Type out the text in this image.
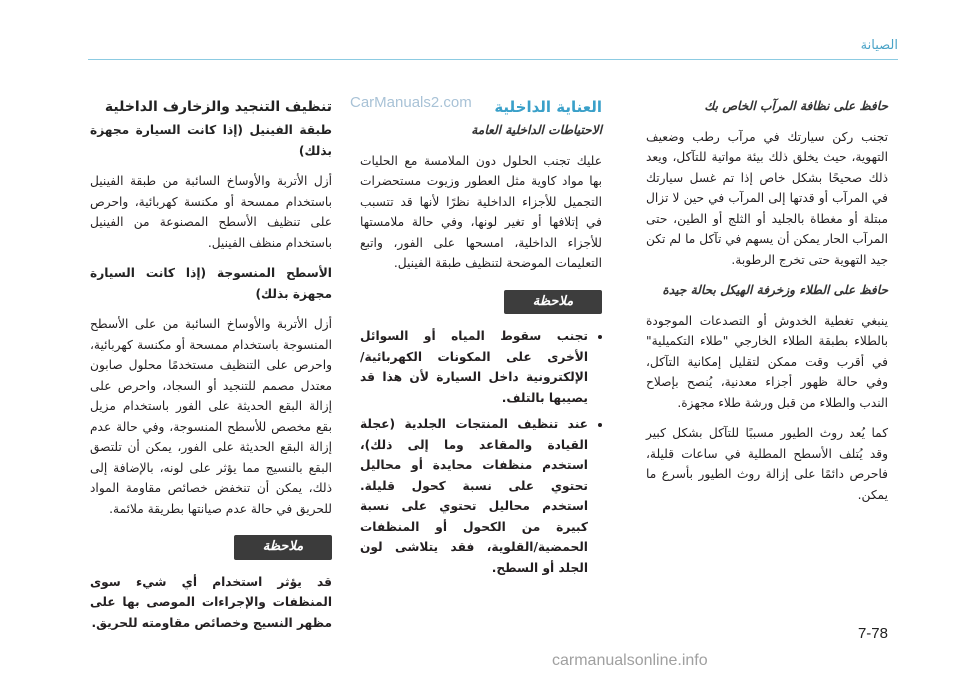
الصيانة
CarManuals2.com	حافظ على نظافة المرآب الخاص بك

تجنب ركن سيارتك في مرآب رطب وضعيف التهوية، حيث يخلق ذلك بيئة مواتية للتآكل، ويعد ذلك صحيحًا بشكل خاص إذا تم غسل سيارتك في المرآب أو قدتها إلى المرآب في حين لا تزال مبتلة أو مغطاة بالجليد أو الثلج أو الطين، حتى المرآب الحار يمكن أن يسهم في تآكل ما لم تكن جيد التهوية حتى تخرج الرطوبة.

حافظ على الطلاء وزخرفة الهيكل بحالة جيدة

ينبغي تغطية الخدوش أو التصدعات الموجودة بالطلاء بطبقة الطلاء الخارجي "طلاء التكميلية" في أقرب وقت ممكن لتقليل إمكانية التآكل، وفي حالة ظهور أجزاء معدنية، يُنصح بإصلاح الندب والطلاء من قبل ورشة طلاء مجهزة.

كما يُعد روث الطيور مسببًا للتآكل بشكل كبير وقد يُتلف الأسطح المطلية في ساعات قليلة، فاحرص دائمًا على إزالة روث الطيور بأسرع ما يمكن.

العناية الداخلية

الاحتياطات الداخلية العامة

عليك تجنب الحلول دون الملامسة مع الحليات بها مواد كاوية مثل العطور وزيوت مستحضرات التجميل للأجزاء الداخلية نظرًا لأنها قد تتسبب في إتلافها أو تغير لونها، وفي حالة ملامستها للأجزاء الداخلية، امسحها على الفور، واتبع التعليمات الموضحة لتنظيف طبقة الفينيل.

ملاحظة
• تجنب سقوط المياه أو السوائل الأخرى على المكونات الكهربائية/الإلكترونية داخل السيارة لأن هذا قد يصيبها بالتلف.
• عند تنظيف المنتجات الجلدية (عجلة القيادة والمقاعد وما إلى ذلك)، استخدم منظفات محايدة أو محاليل تحتوي على نسبة كحول قليلة. استخدم محاليل تحتوي على نسبة كبيرة من الكحول أو المنظفات الحمضية/القلوية، فقد يتلاشى لون الجلد أو السطح.
تنظيف التنجيد والزخارف الداخلية

طبقة الفينيل (إذا كانت السيارة مجهزة بذلك)

أزل الأتربة والأوساخ السائبة من طبقة الفينيل باستخدام ممسحة أو مكنسة كهربائية، واحرص على تنظيف الأسطح المصنوعة من الفينيل باستخدام منظف الفينيل.

الأسطح المنسوجة (إذا كانت السيارة مجهزة بذلك)

أزل الأتربة والأوساخ السائبة من على الأسطح المنسوجة باستخدام ممسحة أو مكنسة كهربائية، واحرص على التنظيف مستخدمًا محلول صابون معتدل مصمم للتنجيد أو السجاد، واحرص على إزالة البقع الحديثة على الفور باستخدام مزيل بقع مخصص للأسطح المنسوجة، وفي حالة عدم إزالة البقع الحديثة على الفور، يمكن أن تلتصق البقع بالنسيج مما يؤثر على لونه، بالإضافة إلى ذلك، يمكن أن تنخفض خصائص مقاومة المواد للحريق في حالة عدم صيانتها بطريقة ملائمة.

ملاحظة

قد يؤثر استخدام أي شيء سوى المنظفات والإجراءات الموصى بها على مظهر النسيج وخصائص مقاومته للحريق.

7-78
carmanualsonline.info
